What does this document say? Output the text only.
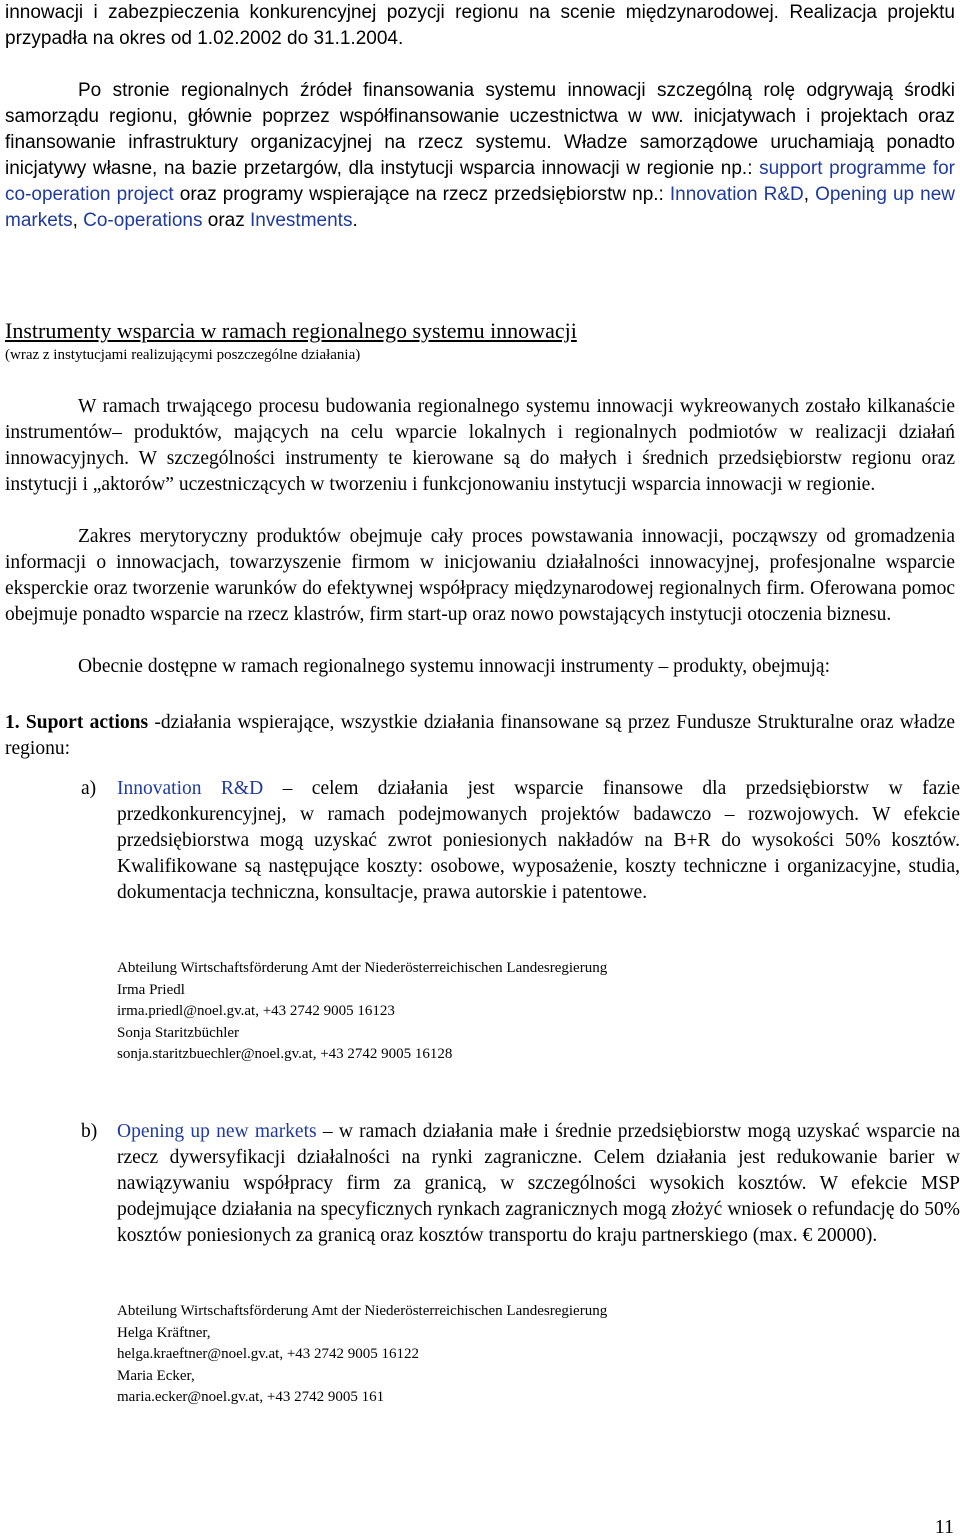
innowacji i zabezpieczenia konkurencyjnej pozycji regionu na scenie międzynarodowej. Realizacja projektu przypadła na okres od 1.02.2002 do 31.1.2004.

Po stronie regionalnych źródeł finansowania systemu innowacji szczególną rolę odgrywają środki samorządu regionu, głównie poprzez współfinansowanie uczestnictwa w ww. inicjatywach i projektach oraz finansowanie infrastruktury organizacyjnej na rzecz systemu. Władze samorządowe uruchamiają ponadto inicjatywy własne, na bazie przetargów, dla instytucji wsparcia innowacji w regionie np.: support programme for co-operation project oraz programy wspierające na rzecz przedsiębiorstw np.: Innovation R&D, Opening up new markets, Co-operations oraz Investments.

Instrumenty wsparcia w ramach regionalnego systemu innowacji
(wraz z instytucjami realizującymi poszczególne działania)

W ramach trwającego procesu budowania regionalnego systemu innowacji wykreowanych zostało kilkanaście instrumentów– produktów, mających na celu wparcie lokalnych i regionalnych podmiotów w realizacji działań innowacyjnych. W szczególności instrumenty te kierowane są do małych i średnich przedsiębiorstw regionu oraz instytucji i „aktorów” uczestniczących w tworzeniu i funkcjonowaniu instytucji wsparcia innowacji w regionie.

Zakres merytoryczny produktów obejmuje cały proces powstawania innowacji, począwszy od gromadzenia informacji o innowacjach, towarzyszenie firmom w inicjowaniu działalności innowacyjnej, profesjonalne wsparcie eksperckie oraz tworzenie warunków do efektywnej współpracy międzynarodowej regionalnych firm. Oferowana pomoc obejmuje ponadto wsparcie na rzecz klastrów, firm start-up oraz nowo powstających instytucji otoczenia biznesu.

Obecnie dostępne w ramach regionalnego systemu innowacji instrumenty – produkty, obejmują:

1. Suport actions -działania wspierające, wszystkie działania finansowane są przez Fundusze Strukturalne oraz władze regionu:

a) Innovation R&D – celem działania jest wsparcie finansowe dla przedsiębiorstw w fazie przedkonkurencyjnej, w ramach podejmowanych projektów badawczo – rozwojowych. W efekcie przedsiębiorstwa mogą uzyskać zwrot poniesionych nakładów na B+R do wysokości 50% kosztów. Kwalifikowane są następujące koszty: osobowe, wyposażenie, koszty techniczne i organizacyjne, studia, dokumentacja techniczna, konsultacje, prawa autorskie i patentowe.
Abteilung Wirtschaftsförderung Amt der Niederösterreichischen Landesregierung
Irma Priedl
irma.priedl@noel.gv.at, +43 2742 9005 16123
Sonja Staritzbüchler
sonja.staritzbuechler@noel.gv.at, +43 2742 9005 16128
b) Opening up new markets – w ramach działania małe i średnie przedsiębiorstw mogą uzyskać wsparcie na rzecz dywersyfikacji działalności na rynki zagraniczne. Celem działania jest redukowanie barier w nawiązywaniu współpracy firm za granicą, w szczególności wysokich kosztów. W efekcie MSP podejmujące działania na specyficznych rynkach zagranicznych mogą złożyć wniosek o refundację do 50% kosztów poniesionych za granicą oraz kosztów transportu do kraju partnerskiego (max. € 20000).
Abteilung Wirtschaftsförderung Amt der Niederösterreichischen Landesregierung
Helga Kräftner,
helga.kraeftner@noel.gv.at, +43 2742 9005 16122
Maria Ecker,
maria.ecker@noel.gv.at, +43 2742 9005 161
11
